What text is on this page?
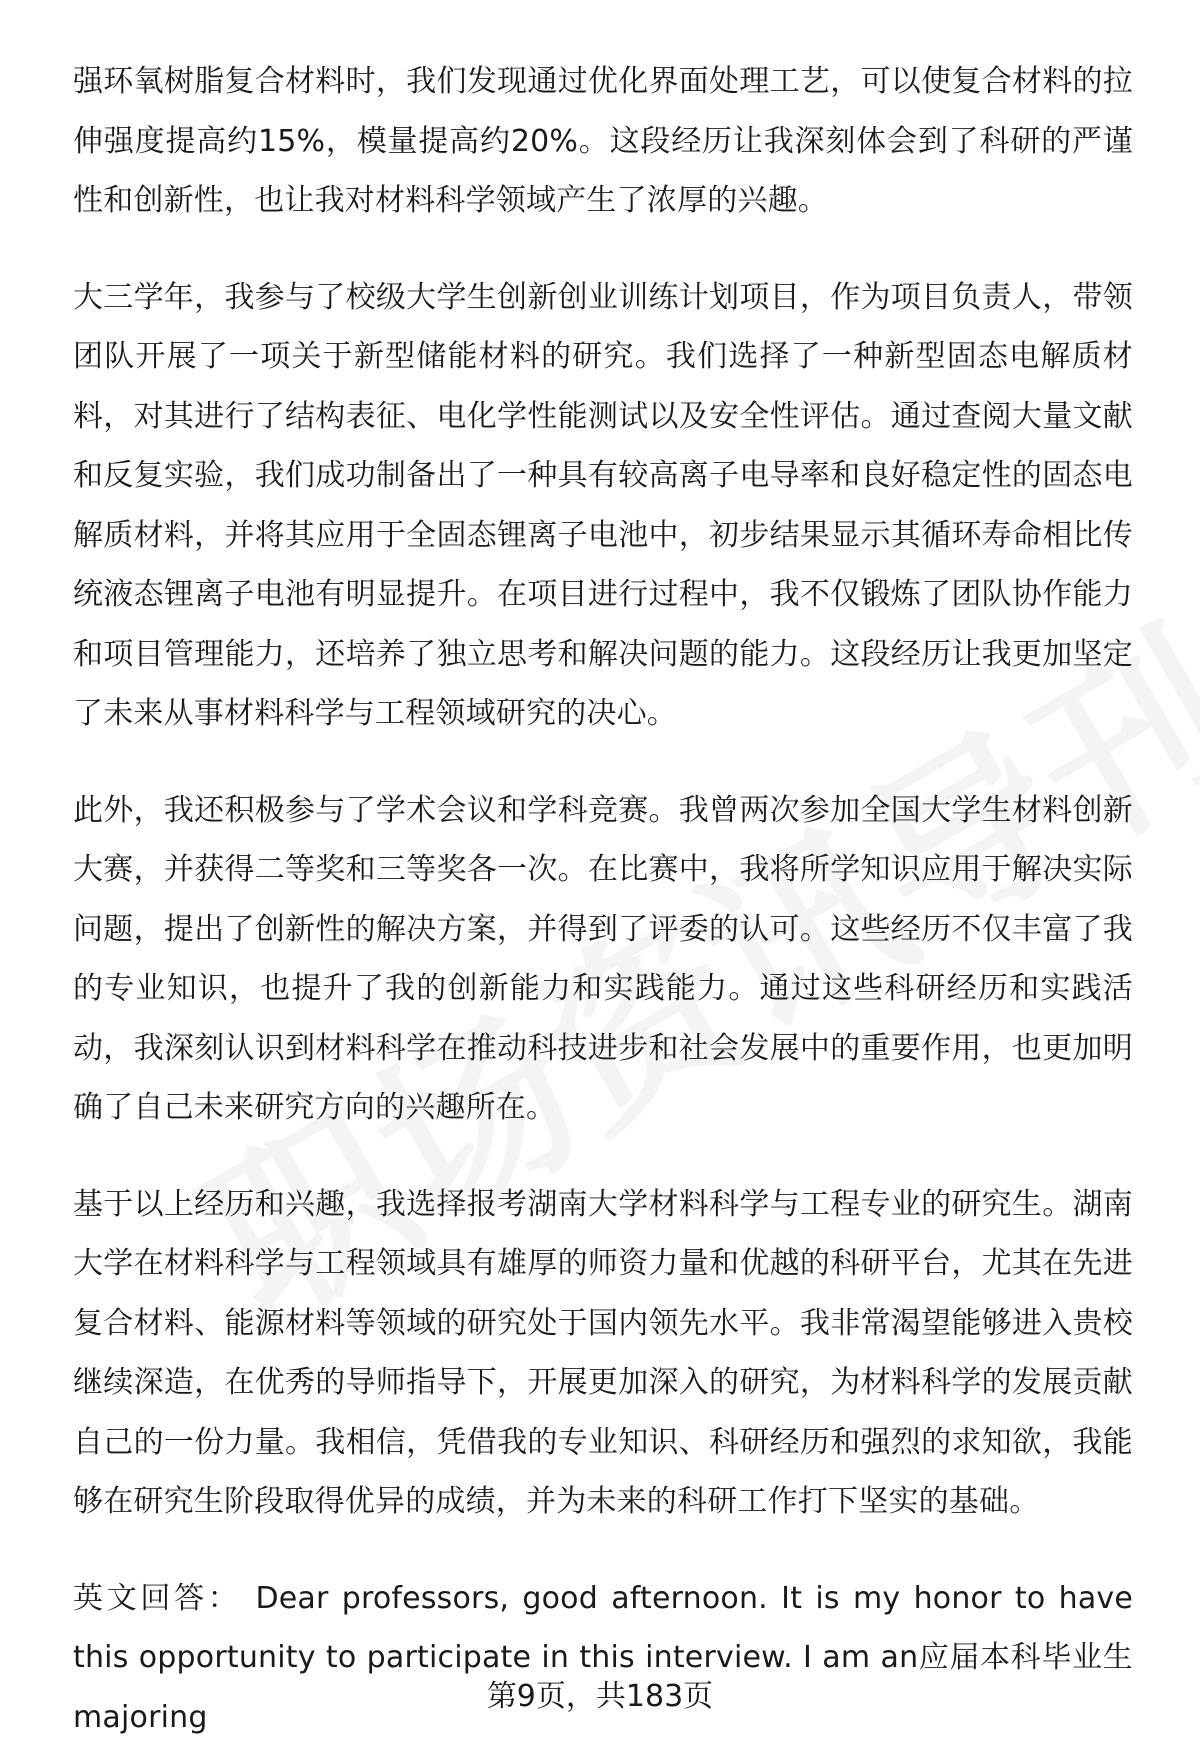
强环氧树脂复合材料时，我们发现通过优化界面处理工艺，可以使复合材料的拉伸强度提高约15%，模量提高约20%。这段经历让我深刻体会到了科研的严谨性和创新性，也让我对材料科学领域产生了浓厚的兴趣。

大三学年，我参与了校级大学生创新创业训练计划项目，作为项目负责人，带领团队开展了一项关于新型储能材料的研究。我们选择了一种新型固态电解质材料，对其进行了结构表征、电化学性能测试以及安全性评估。通过查阅大量文献和反复实验，我们成功制备出了一种具有较高离子电导率和良好稳定性的固态电解质材料，并将其应用于全固态锂离子电池中，初步结果显示其循环寿命相比传统液态锂离子电池有明显提升。在项目进行过程中，我不仅锻炼了团队协作能力和项目管理能力，还培养了独立思考和解决问题的能力。这段经历让我更加坚定了未来从事材料科学与工程领域研究的决心。

此外，我还积极参与了学术会议和学科竞赛。我曾两次参加全国大学生材料创新大赛，并获得二等奖和三等奖各一次。在比赛中，我将所学知识应用于解决实际问题，提出了创新性的解决方案，并得到了评委的认可。这些经历不仅丰富了我的专业知识，也提升了我的创新能力和实践能力。通过这些科研经历和实践活动，我深刻认识到材料科学在推动科技进步和社会发展中的重要作用，也更加明确了自己未来研究方向的兴趣所在。

基于以上经历和兴趣，我选择报考湖南大学材料科学与工程专业的研究生。湖南大学在材料科学与工程领域具有雄厚的师资力量和优越的科研平台，尤其在先进复合材料、能源材料等领域的研究处于国内领先水平。我非常渴望能够进入贵校继续深造，在优秀的导师指导下，开展更加深入的研究，为材料科学的发展贡献自己的一份力量。我相信，凭借我的专业知识、科研经历和强烈的求知欲，我能够在研究生阶段取得优异的成绩，并为未来的科研工作打下坚实的基础。

英文回答： Dear professors, good afternoon. It is my honor to have this opportunity to participate in this interview. I am an应届本科毕业生 majoring

第9页，共183页
